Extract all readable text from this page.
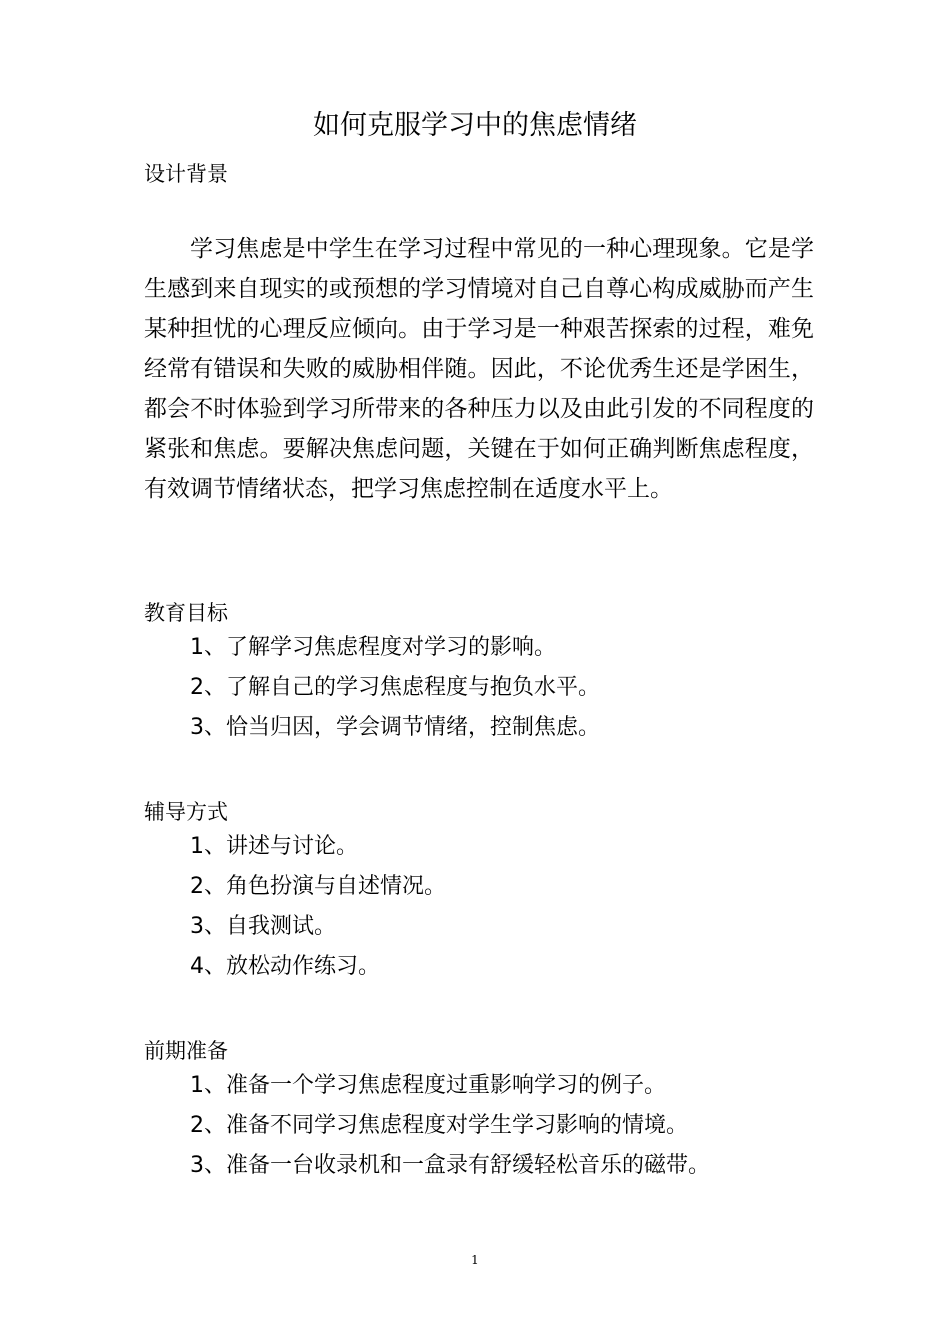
如何克服学习中的焦虑情绪
设计背景

学习焦虑是中学生在学习过程中常见的一种心理现象。它是学生感到来自现实的或预想的学习情境对自己自尊心构成威胁而产生某种担忧的心理反应倾向。由于学习是一种艰苦探索的过程，难免经常有错误和失败的威胁相伴随。因此，不论优秀生还是学困生，都会不时体验到学习所带来的各种压力以及由此引发的不同程度的紧张和焦虑。要解决焦虑问题，关键在于如何正确判断焦虑程度，有效调节情绪状态，把学习焦虑控制在适度水平上。

教育目标
1、了解学习焦虑程度对学习的影响。
2、了解自己的学习焦虑程度与抱负水平。
3、恰当归因，学会调节情绪，控制焦虑。
辅导方式
1、讲述与讨论。
2、角色扮演与自述情况。
3、自我测试。
4、放松动作练习。
前期准备
1、准备一个学习焦虑程度过重影响学习的例子。
2、准备不同学习焦虑程度对学生学习影响的情境。
3、准备一台收录机和一盒录有舒缓轻松音乐的磁带。
1
